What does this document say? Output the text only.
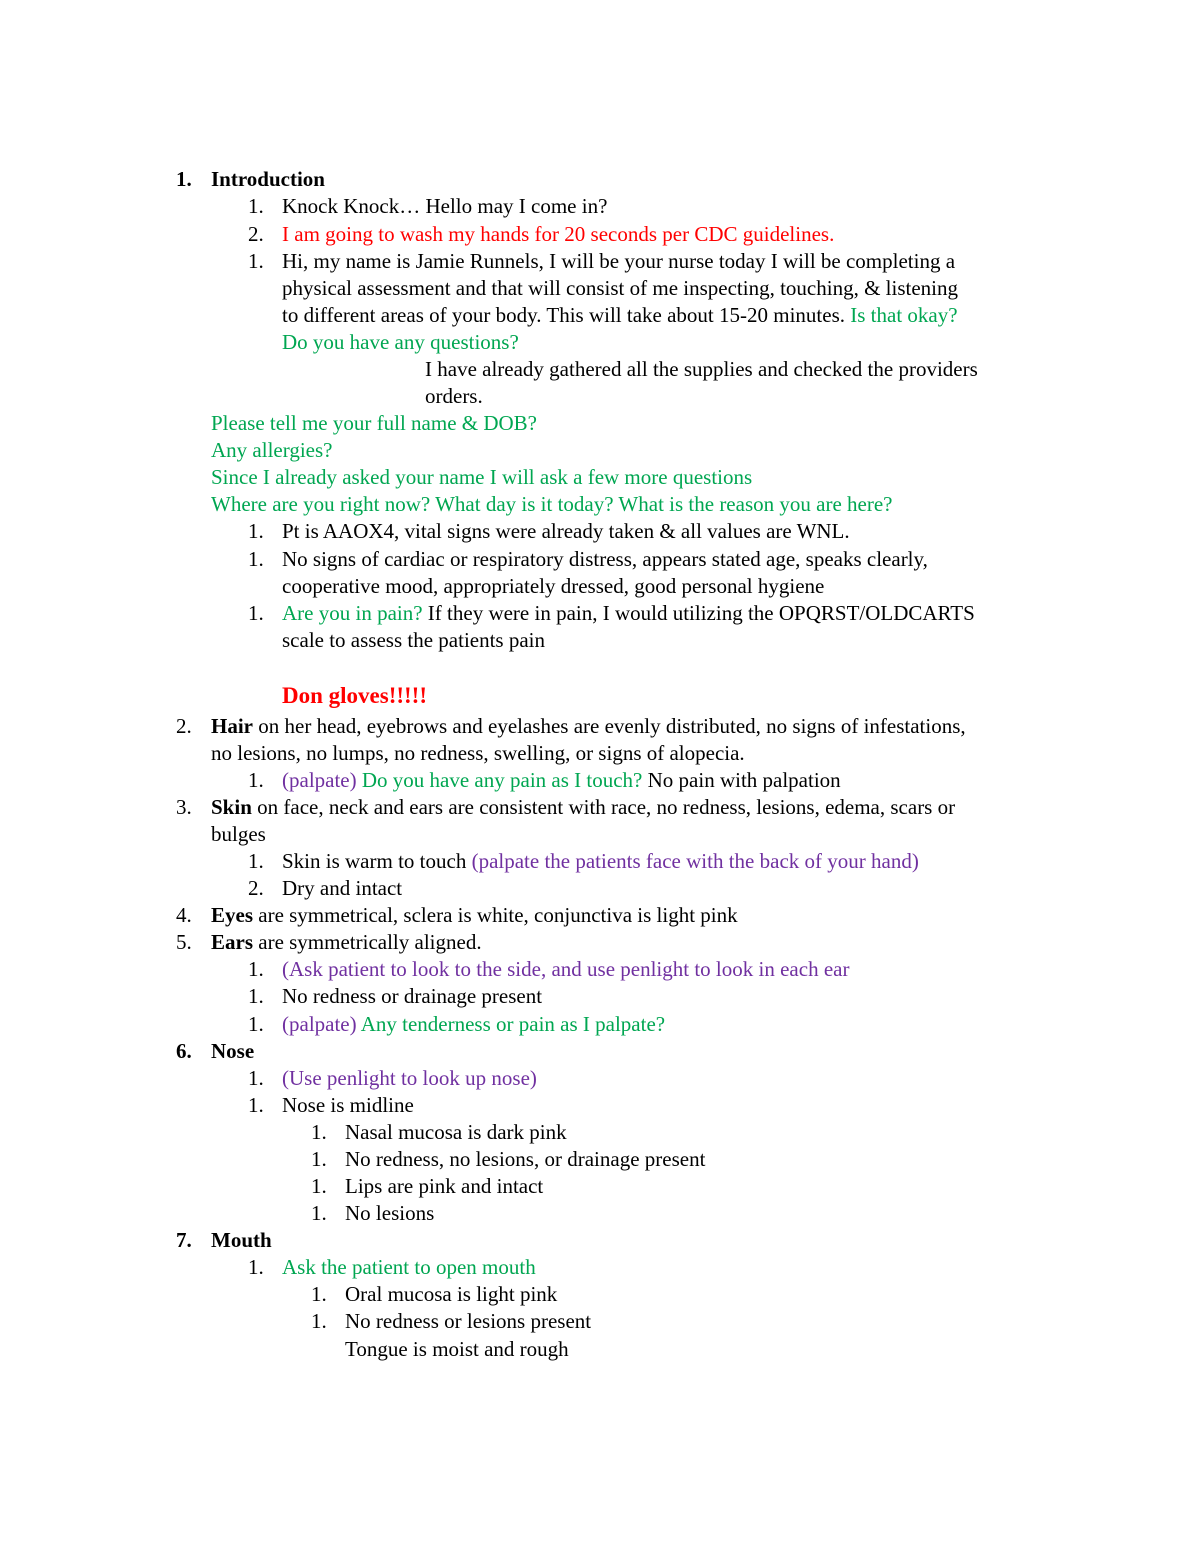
1. Introduction
1. Knock Knock… Hello may I come in?
2. I am going to wash my hands for 20 seconds per CDC guidelines.
1. Hi, my name is Jamie Runnels, I will be your nurse today I will be completing a
physical assessment and that will consist of me inspecting, touching, & listening
to different areas of your body. This will take about 15-20 minutes. Is that okay?
Do you have any questions?
I have already gathered all the supplies and checked the providers
orders.
Please tell me your full name & DOB?
Any allergies?
Since I already asked your name I will ask a few more questions
Where are you right now? What day is it today? What is the reason you are here?
1. Pt is AAOX4, vital signs were already taken & all values are WNL.
1. No signs of cardiac or respiratory distress, appears stated age, speaks clearly,
cooperative mood, appropriately dressed, good personal hygiene
1. Are you in pain? If they were in pain, I would utilizing the OPQRST/OLDCARTS
scale to assess the patients pain
Don gloves!!!!!
2. Hair on her head, eyebrows and eyelashes are evenly distributed, no signs of infestations,
no lesions, no lumps, no redness, swelling, or signs of alopecia.
1. (palpate) Do you have any pain as I touch? No pain with palpation
3. Skin on face, neck and ears are consistent with race, no redness, lesions, edema, scars or
bulges
1. Skin is warm to touch (palpate the patients face with the back of your hand)
2. Dry and intact
4. Eyes are symmetrical, sclera is white, conjunctiva is light pink
5. Ears are symmetrically aligned.
1. (Ask patient to look to the side, and use penlight to look in each ear
1. No redness or drainage present
1. (palpate) Any tenderness or pain as I palpate?
6. Nose
1. (Use penlight to look up nose)
1. Nose is midline
1. Nasal mucosa is dark pink
1. No redness, no lesions, or drainage present
1. Lips are pink and intact
1. No lesions
7. Mouth
1. Ask the patient to open mouth
1. Oral mucosa is light pink
1. No redness or lesions present
Tongue is moist and rough
